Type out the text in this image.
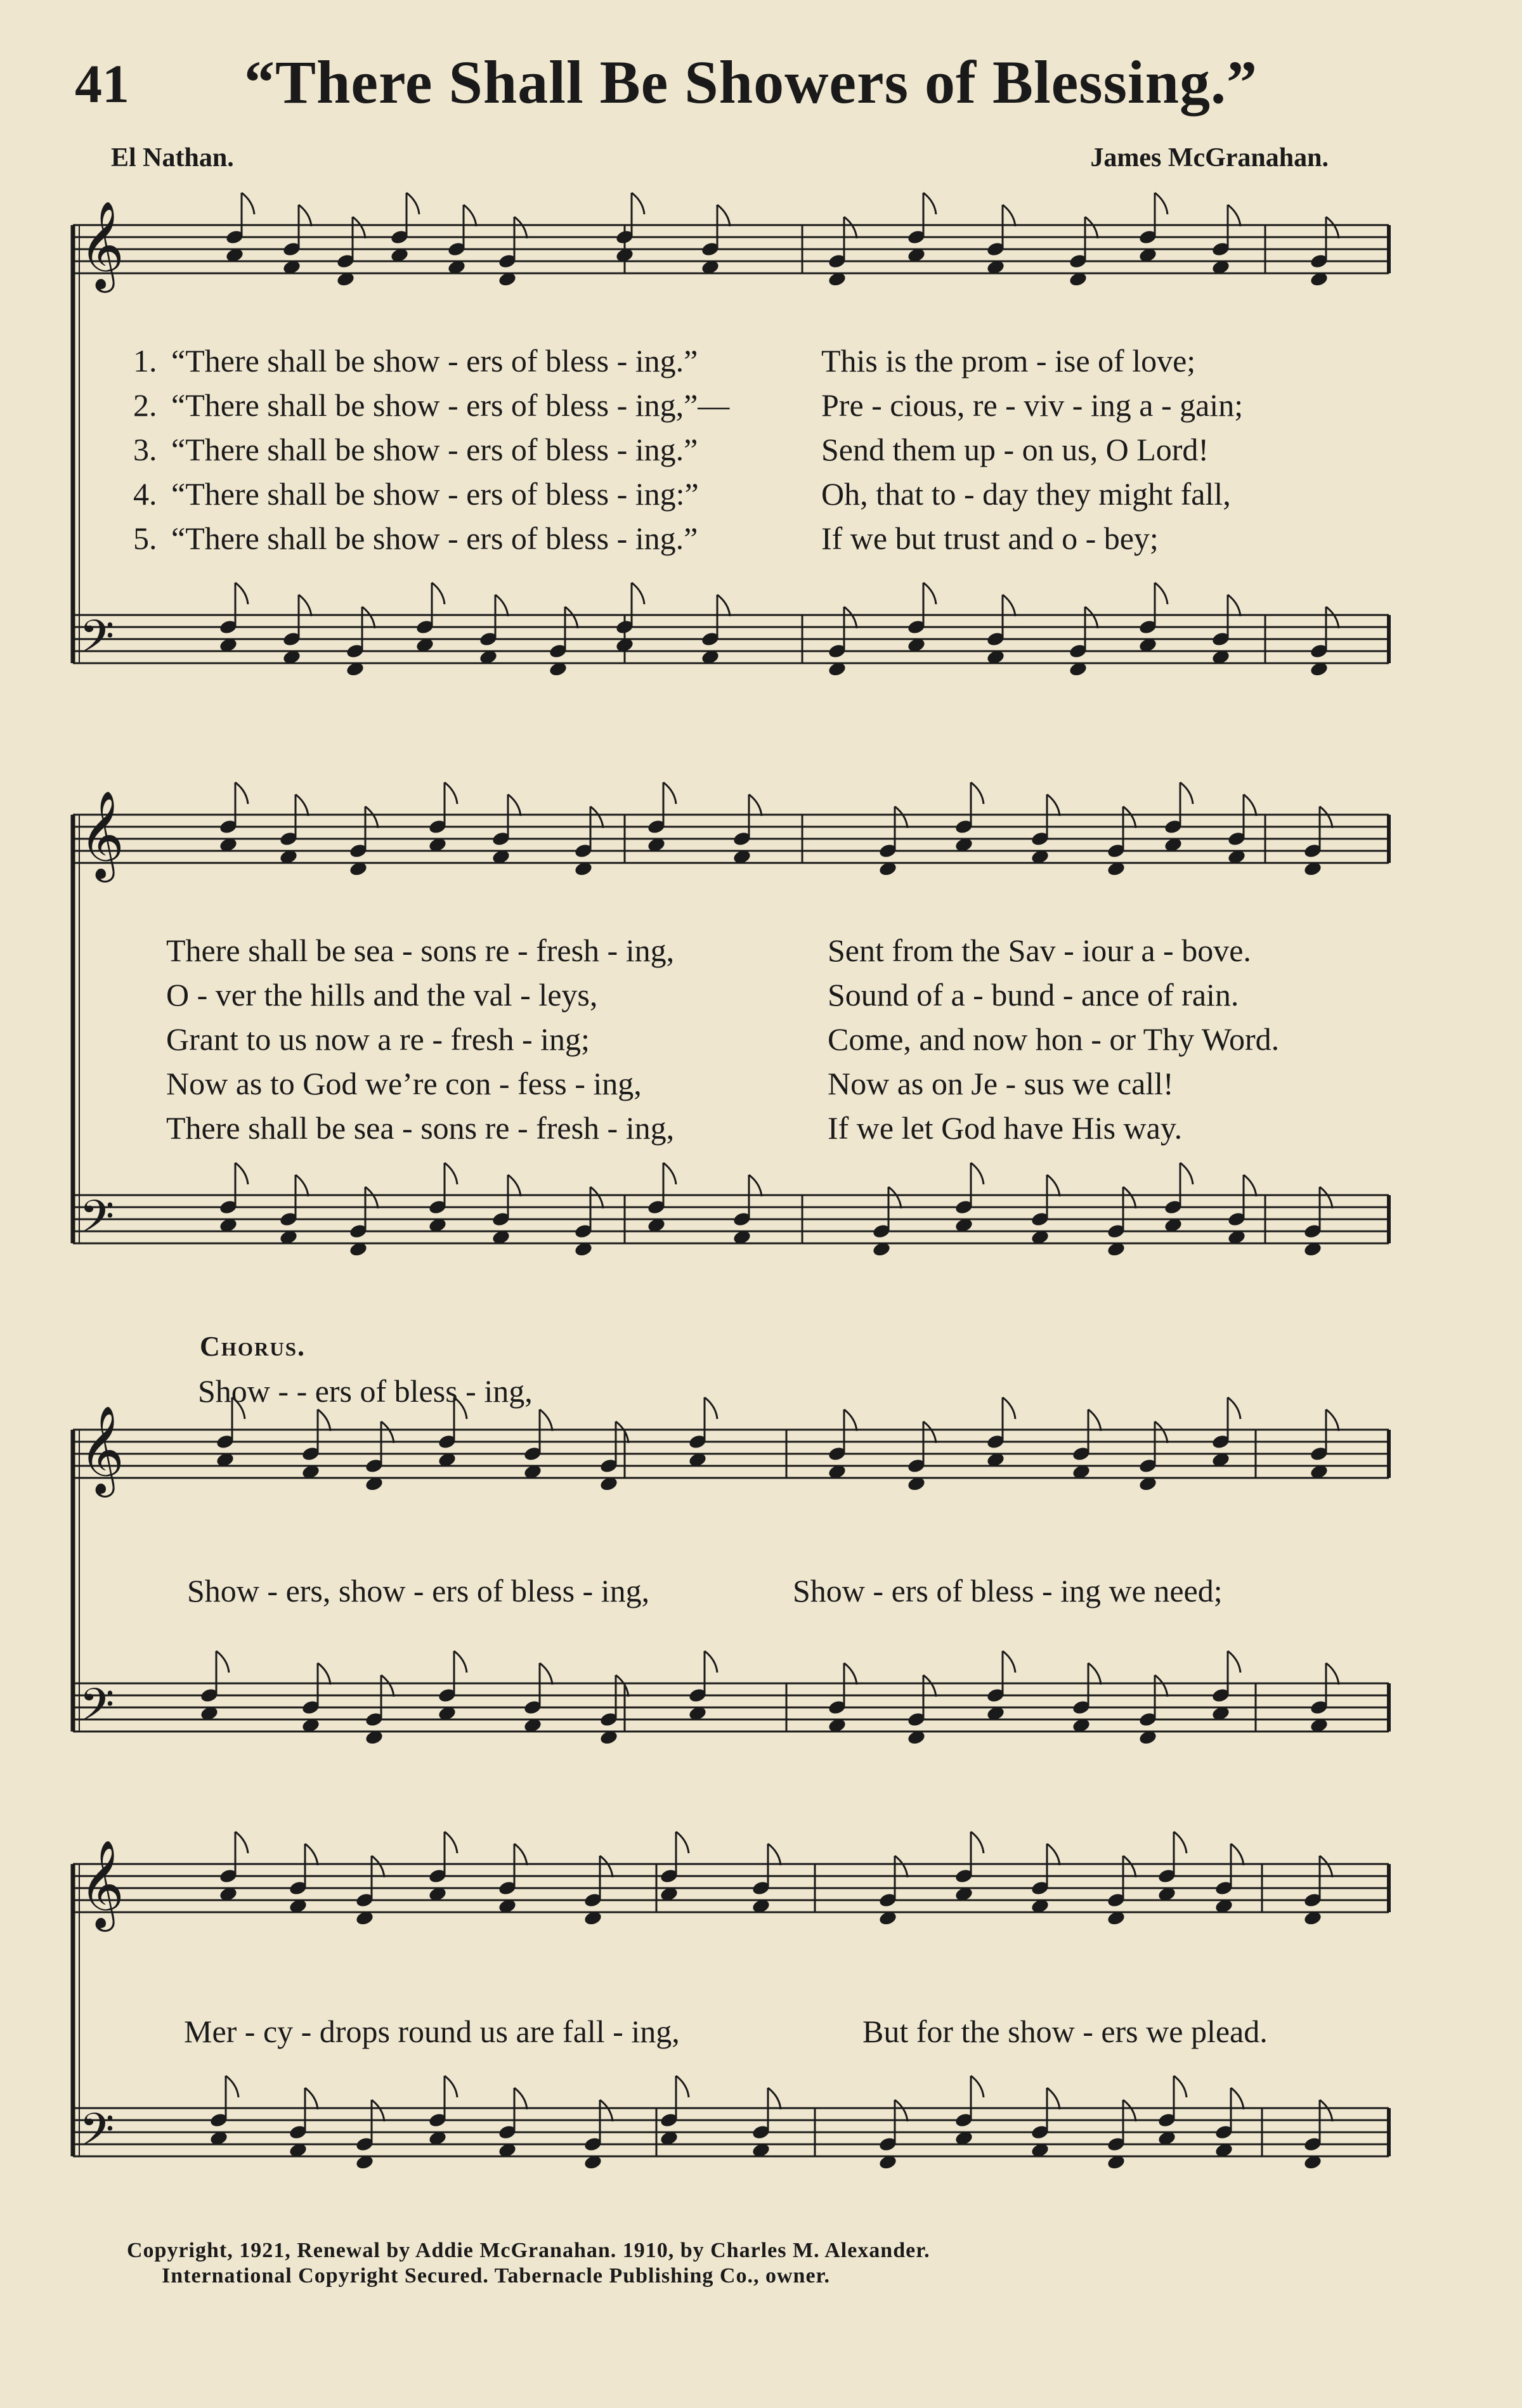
𝄞
𝄢
𝄞
𝄢
𝄞
𝄢
𝄞
𝄢
41 “There Shall Be Showers of Blessing.”
El Nathan.	James McGranahan.
1. “There shall be show - ers of bless - ing.”	This is the prom - ise of love;
2. “There shall be show - ers of bless - ing,”—	Pre - cious, re - viv - ing a - gain;
3. “There shall be show - ers of bless - ing.”	Send them up - on us, O Lord!
4. “There shall be show - ers of bless - ing:”	Oh, that to - day they might fall,
5. “There shall be show - ers of bless - ing.”	If we but trust and o - bey;
There shall be sea - sons re - fresh - ing,	Sent from the Sav - iour a - bove.
O - ver the hills and the val - leys,	Sound of a - bund - ance of rain.
Grant to us now a re - fresh - ing;	Come, and now hon - or Thy Word.
Now as to God we’re con - fess - ing,	Now as on Je - sus we call!
There shall be sea - sons re - fresh - ing,	If we let God have His way.
Chorus.
Show - - ers of bless - ing,
Show - ers, show - ers of bless - ing,	Show - ers of bless - ing we need;
Mer - cy - drops round us are fall - ing,	But for the show - ers we plead.
Copyright, 1921, Renewal by Addie McGranahan. 1910, by Charles M. Alexander.
International Copyright Secured. Tabernacle Publishing Co., owner.
